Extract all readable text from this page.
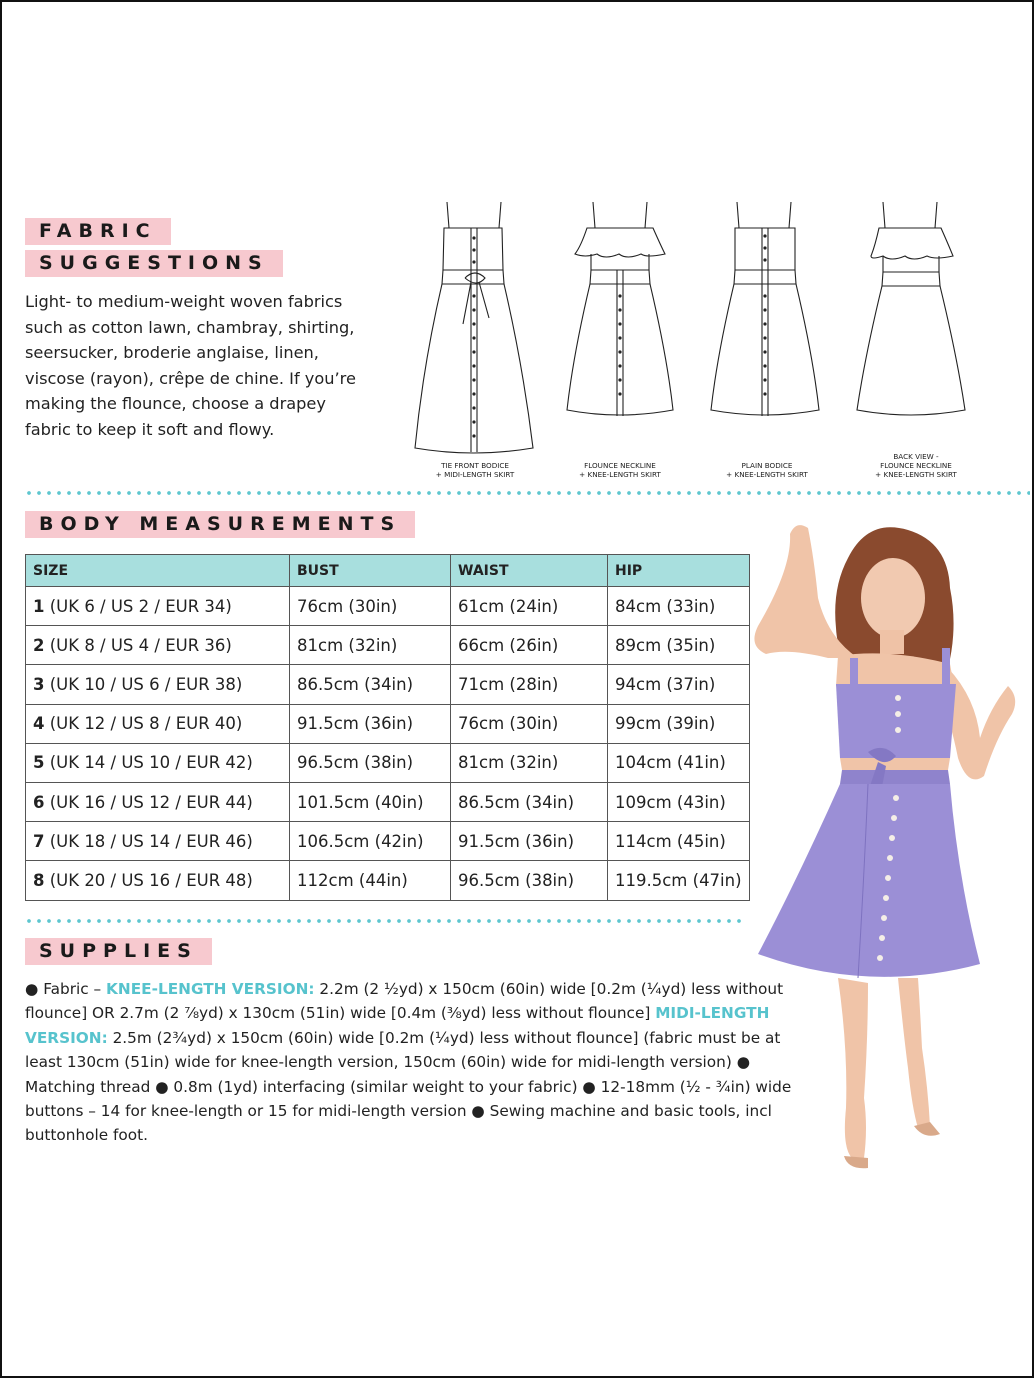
FABRIC
SUGGESTIONS
Light- to medium-weight woven fabrics such as cotton lawn, chambray, shirting, seersucker, broderie anglaise, linen, viscose (rayon), crêpe de chine. If you’re making the flounce, choose a drapey fabric to keep it soft and flowy.
TIE FRONT BODICE
+ MIDI-LENGTH SKIRT
FLOUNCE NECKLINE
+ KNEE-LENGTH SKIRT
PLAIN BODICE
+ KNEE-LENGTH SKIRT
BACK VIEW -
FLOUNCE NECKLINE
+ KNEE-LENGTH SKIRT
BODY MEASUREMENTS
SIZE	BUST	WAIST	HIP
1 (UK 6 / US 2 / EUR 34)	76cm (30in)	61cm (24in)	84cm (33in)
2 (UK 8 / US 4 / EUR 36)	81cm (32in)	66cm (26in)	89cm (35in)
3 (UK 10 / US 6 / EUR 38)	86.5cm (34in)	71cm (28in)	94cm (37in)
4 (UK 12 / US 8 / EUR 40)	91.5cm (36in)	76cm (30in)	99cm (39in)
5 (UK 14 / US 10 / EUR 42)	96.5cm (38in)	81cm (32in)	104cm (41in)
6 (UK 16 / US 12 / EUR 44)	101.5cm (40in)	86.5cm (34in)	109cm (43in)
7 (UK 18 / US 14 / EUR 46)	106.5cm (42in)	91.5cm (36in)	114cm (45in)
8 (UK 20 / US 16 / EUR 48)	112cm (44in)	96.5cm (38in)	119.5cm (47in)
SUPPLIES
● Fabric – KNEE-LENGTH VERSION: 2.2m (2 ½yd) x 150cm (60in) wide [0.2m (¼yd) less without flounce] OR 2.7m (2 ⅞yd) x 130cm (51in) wide [0.4m (⅜yd) less without flounce] MIDI-LENGTH VERSION: 2.5m (2¾yd) x 150cm (60in) wide [0.2m (¼yd) less without flounce] (fabric must be at least 130cm (51in) wide for knee-length version, 150cm (60in) wide for midi-length version) ● Matching thread ● 0.8m (1yd) interfacing (similar weight to your fabric) ● 12-18mm (½ - ¾in) wide buttons – 14 for knee-length or 15 for midi-length version ● Sewing machine and basic tools, incl buttonhole foot.
